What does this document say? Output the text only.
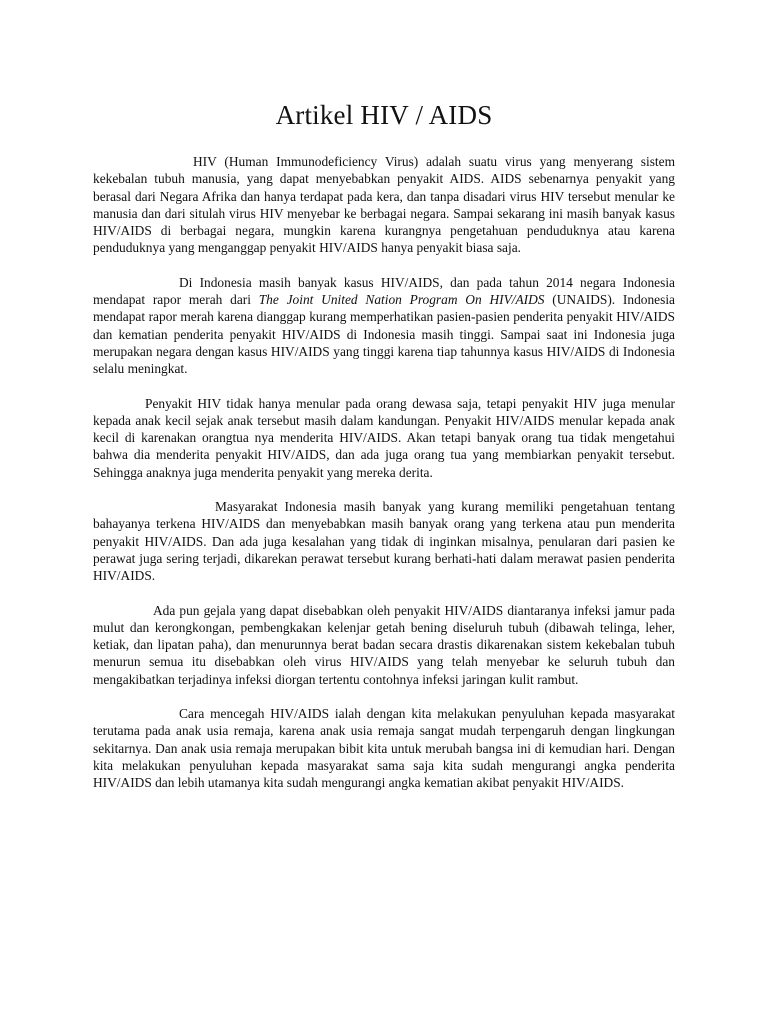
Artikel HIV / AIDS

HIV (Human Immunodeficiency Virus) adalah suatu virus yang menyerang sistem kekebalan tubuh manusia, yang dapat menyebabkan penyakit AIDS. AIDS sebenarnya penyakit yang berasal dari Negara Afrika dan hanya terdapat pada kera, dan tanpa disadari virus HIV tersebut menular ke manusia dan dari situlah virus HIV menyebar ke berbagai negara. Sampai sekarang ini masih banyak kasus HIV/AIDS di berbagai negara, mungkin karena kurangnya pengetahuan penduduknya atau karena penduduknya yang menganggap penyakit HIV/AIDS hanya penyakit biasa saja.

Di Indonesia masih banyak kasus HIV/AIDS, dan pada tahun 2014 negara Indonesia mendapat rapor merah dari The Joint United Nation Program On HIV/AIDS (UNAIDS). Indonesia mendapat rapor merah karena dianggap kurang memperhatikan pasien-pasien penderita penyakit HIV/AIDS dan kematian penderita penyakit HIV/AIDS di Indonesia masih tinggi. Sampai saat ini Indonesia juga merupakan negara dengan kasus HIV/AIDS yang tinggi karena tiap tahunnya kasus HIV/AIDS di Indonesia selalu meningkat.

Penyakit HIV tidak hanya menular pada orang dewasa saja, tetapi penyakit HIV juga menular kepada anak kecil sejak anak tersebut masih dalam kandungan. Penyakit HIV/AIDS menular kepada anak kecil di karenakan orangtua nya menderita HIV/AIDS. Akan tetapi banyak orang tua tidak mengetahui bahwa dia menderita penyakit HIV/AIDS, dan ada juga orang tua yang membiarkan penyakit tersebut. Sehingga anaknya juga menderita penyakit yang mereka derita.

Masyarakat Indonesia masih banyak yang kurang memiliki pengetahuan tentang bahayanya terkena HIV/AIDS dan menyebabkan masih banyak orang yang terkena atau pun menderita penyakit HIV/AIDS. Dan ada juga kesalahan yang tidak di inginkan misalnya, penularan dari pasien ke perawat juga sering terjadi, dikarekan perawat tersebut kurang berhati-hati dalam merawat pasien penderita HIV/AIDS.

Ada pun gejala yang dapat disebabkan oleh penyakit HIV/AIDS diantaranya infeksi jamur pada mulut dan kerongkongan, pembengkakan kelenjar getah bening diseluruh tubuh (dibawah telinga, leher, ketiak, dan lipatan paha), dan menurunnya berat badan secara drastis dikarenakan sistem kekebalan tubuh menurun semua itu disebabkan oleh virus HIV/AIDS yang telah menyebar ke seluruh tubuh dan mengakibatkan terjadinya infeksi diorgan tertentu contohnya infeksi jaringan kulit rambut.

Cara mencegah HIV/AIDS ialah dengan kita melakukan penyuluhan kepada masyarakat terutama pada anak usia remaja, karena anak usia remaja sangat mudah terpengaruh dengan lingkungan sekitarnya. Dan anak usia remaja merupakan bibit kita untuk merubah bangsa ini di kemudian hari. Dengan kita melakukan penyuluhan kepada masyarakat sama saja kita sudah mengurangi angka penderita HIV/AIDS dan lebih utamanya kita sudah mengurangi angka kematian akibat penyakit HIV/AIDS.
